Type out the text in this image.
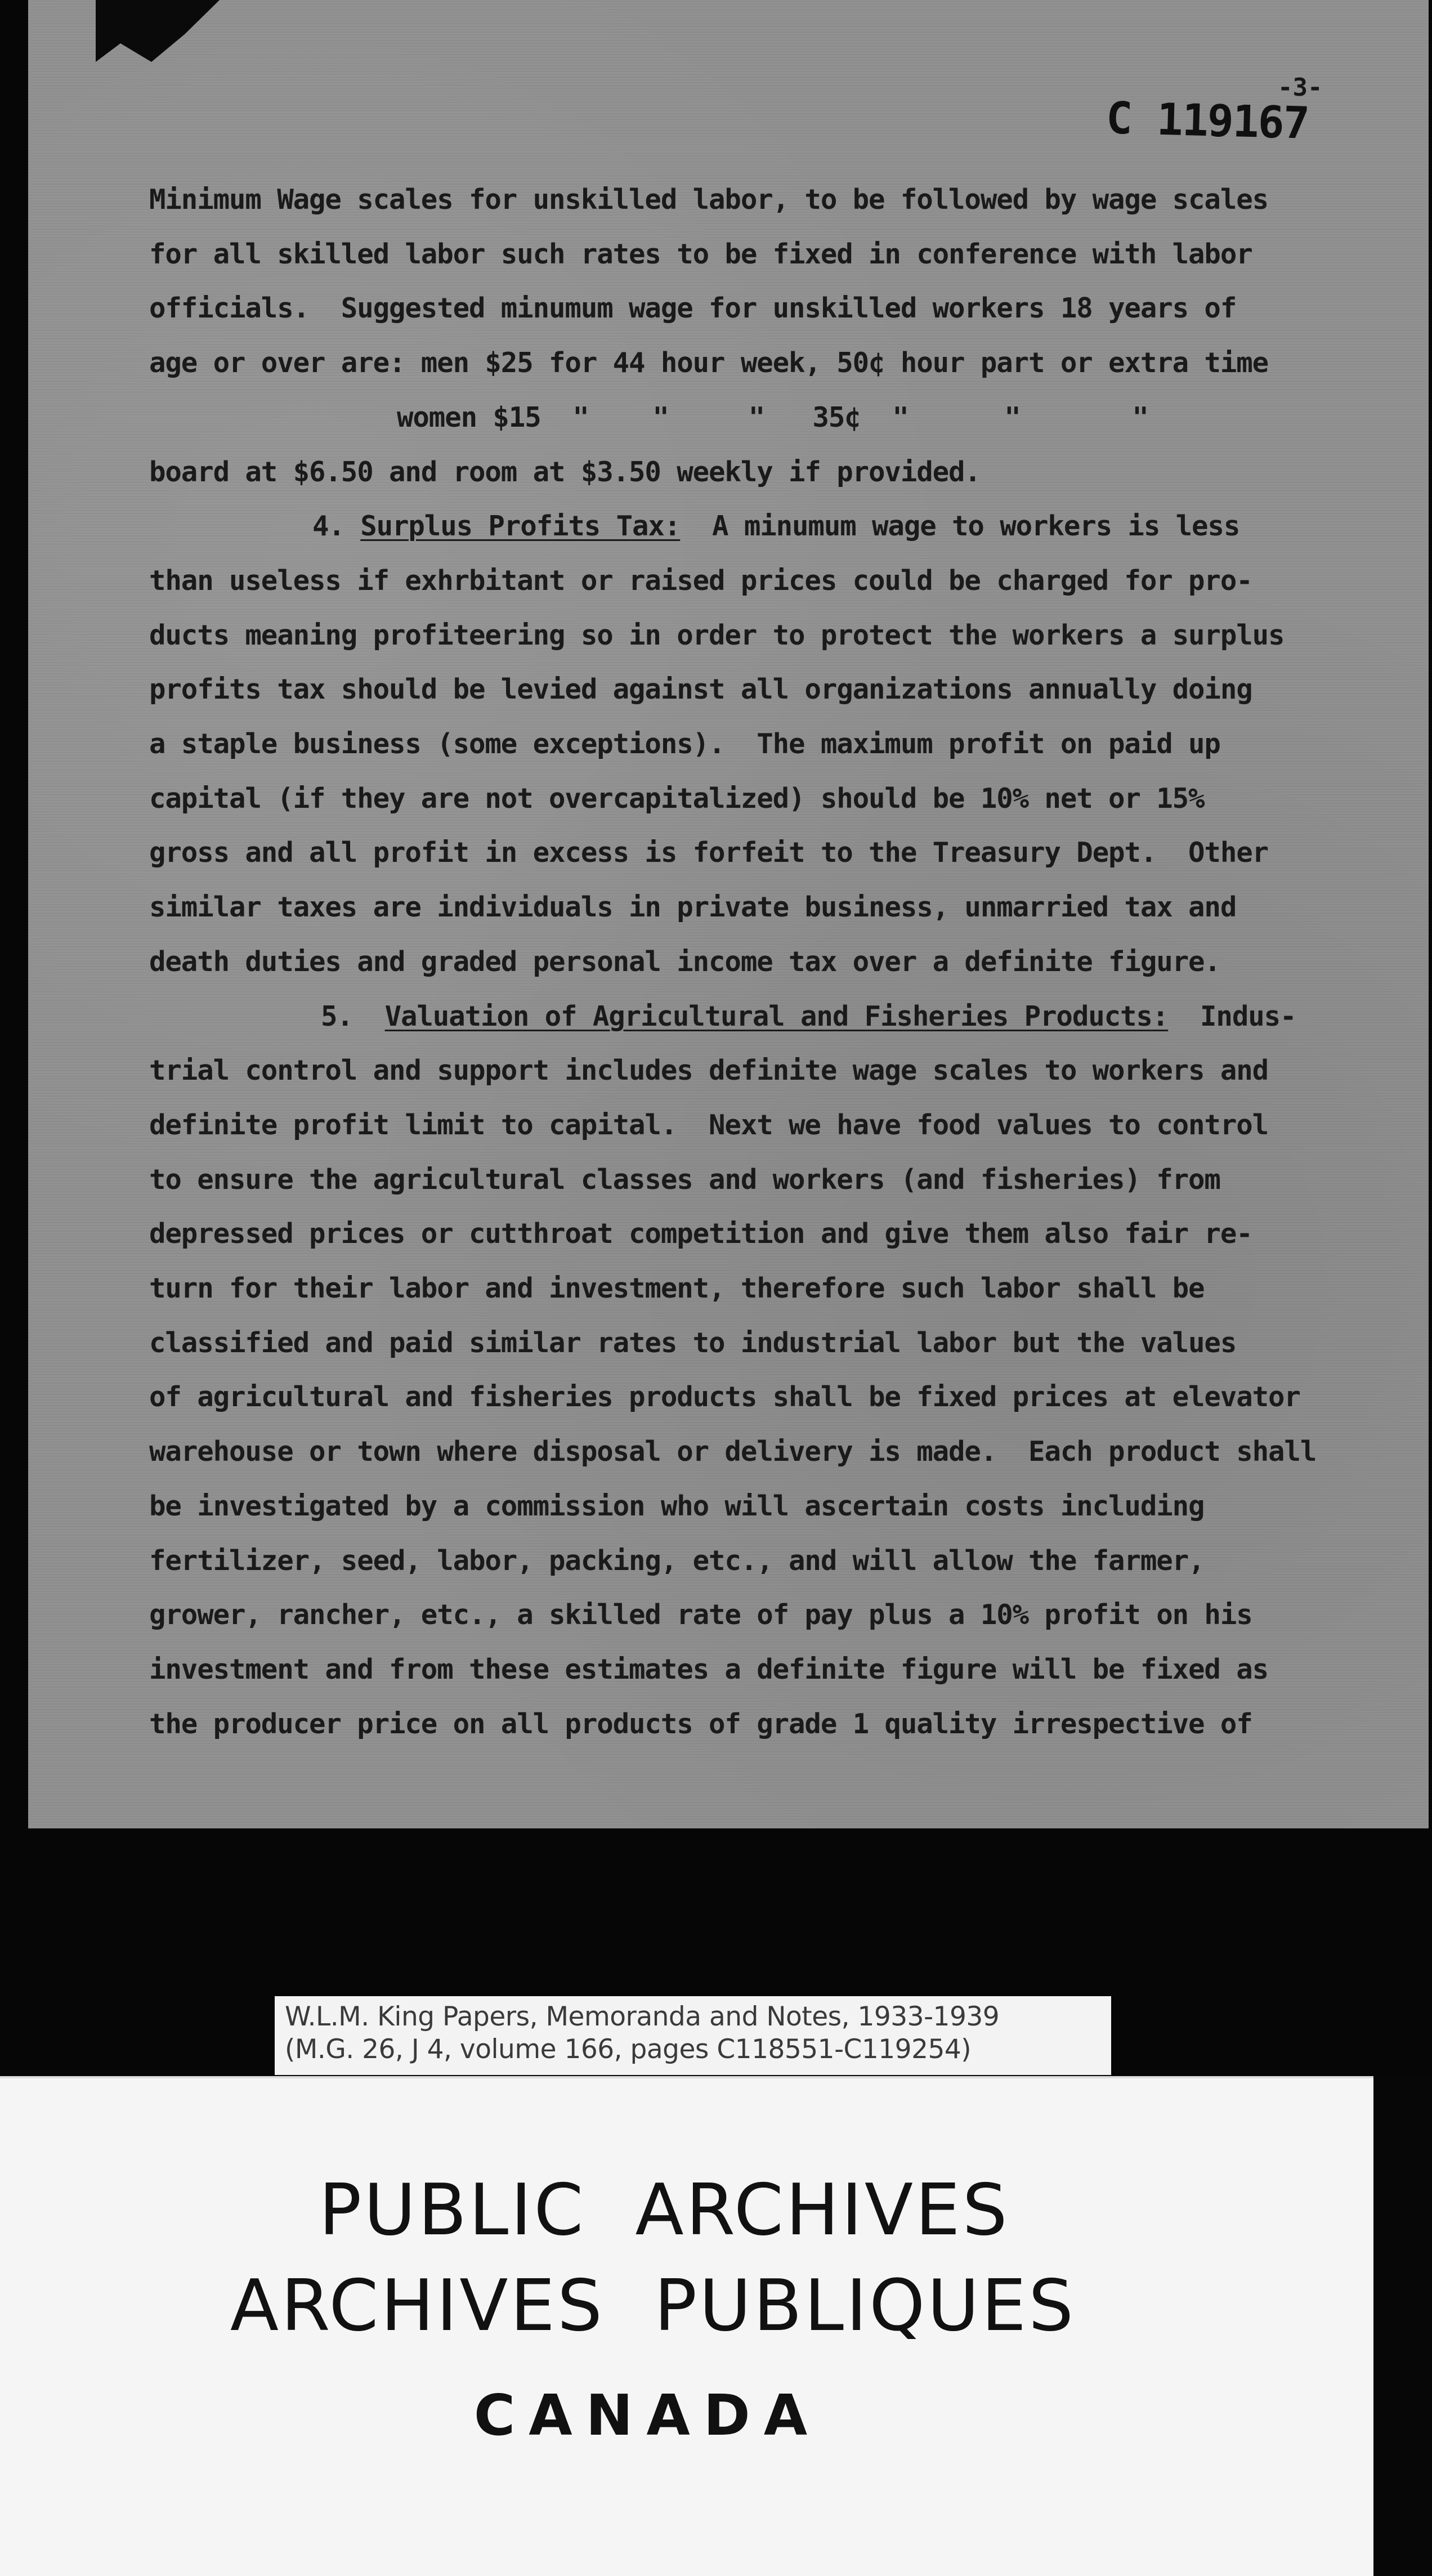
-3-
C 119167
Minimum Wage scales for unskilled labor, to be followed by wage scales
for all skilled labor such rates to be fixed in conference with labor
officials.  Suggested minumum wage for unskilled workers 18 years of
age or over are: men $25 for 44 hour week, 50¢ hour part or extra time
women $15  "    "     "   35¢  "      "       "
board at $6.50 and room at $3.50 weekly if provided.
4. Surplus Profits Tax:  A minumum wage to workers is less
than useless if exhrbitant or raised prices could be charged for pro-
ducts meaning profiteering so in order to protect the workers a surplus
profits tax should be levied against all organizations annually doing
a staple business (some exceptions).  The maximum profit on paid up
capital (if they are not overcapitalized) should be 10% net or 15%
gross and all profit in excess is forfeit to the Treasury Dept.  Other
similar taxes are individuals in private business, unmarried tax and
death duties and graded personal income tax over a definite figure.
5.  Valuation of Agricultural and Fisheries Products:  Indus-
trial control and support includes definite wage scales to workers and
definite profit limit to capital.  Next we have food values to control
to ensure the agricultural classes and workers (and fisheries) from
depressed prices or cutthroat competition and give them also fair re-
turn for their labor and investment, therefore such labor shall be
classified and paid similar rates to industrial labor but the values
of agricultural and fisheries products shall be fixed prices at elevator
warehouse or town where disposal or delivery is made.  Each product shall
be investigated by a commission who will ascertain costs including
fertilizer, seed, labor, packing, etc., and will allow the farmer,
grower, rancher, etc., a skilled rate of pay plus a 10% profit on his
investment and from these estimates a definite figure will be fixed as
the producer price on all products of grade 1 quality irrespective of
W.L.M. King Papers, Memoranda and Notes, 1933-1939
(M.G. 26, J 4, volume 166, pages C118551-C119254)
PUBLIC  ARCHIVES
ARCHIVES  PUBLIQUES
CANADA
